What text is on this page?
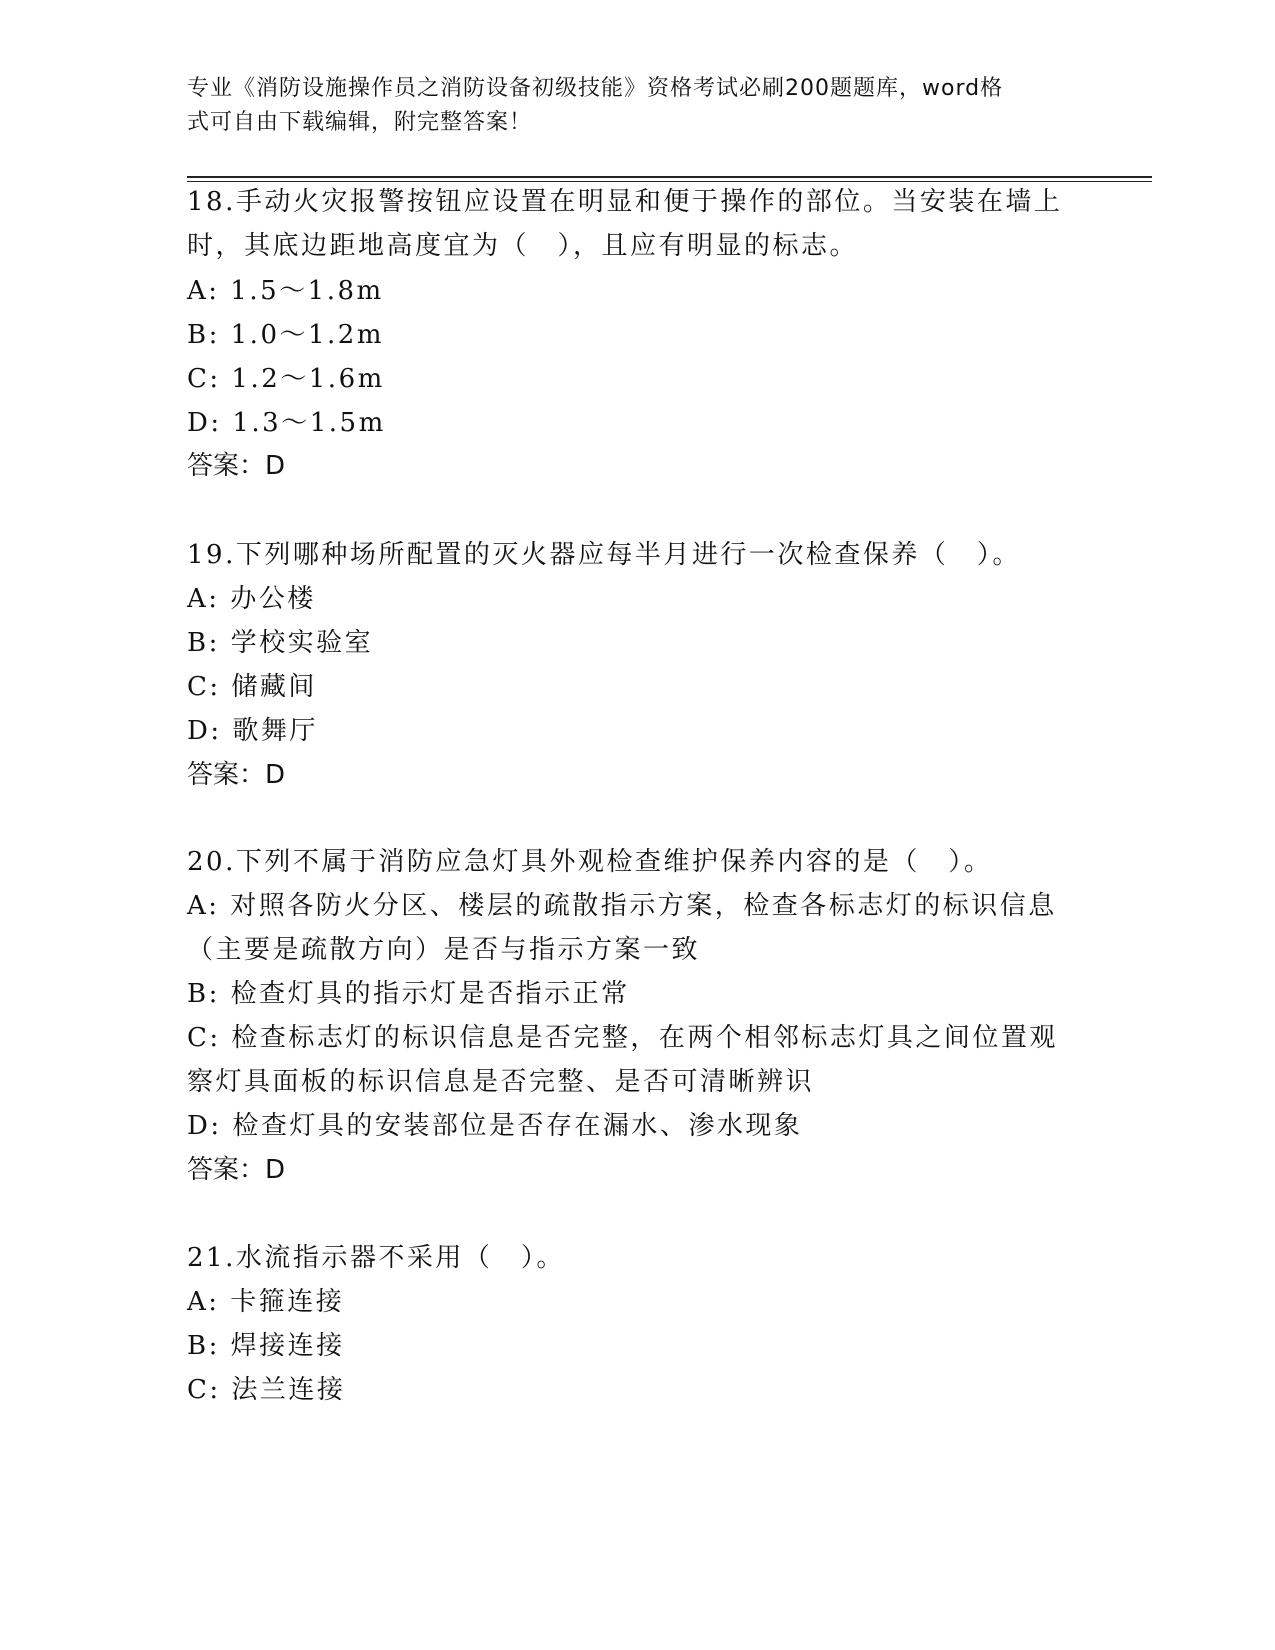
专业《消防设施操作员之消防设备初级技能》资格考试必刷200题题库，word格
式可自由下载编辑，附完整答案！
18.手动火灾报警按钮应设置在明显和便于操作的部位。当安装在墙上
时，其底边距地高度宜为（　），且应有明显的标志。
A: 1.5～1.8m
B: 1.0～1.2m
C: 1.2～1.6m
D: 1.3～1.5m
答案：D
19.下列哪种场所配置的灭火器应每半月进行一次检查保养（　）。
A: 办公楼
B: 学校实验室
C: 储藏间
D: 歌舞厅
答案：D
20.下列不属于消防应急灯具外观检查维护保养内容的是（　）。
A: 对照各防火分区、楼层的疏散指示方案，检查各标志灯的标识信息
（主要是疏散方向）是否与指示方案一致
B: 检查灯具的指示灯是否指示正常
C: 检查标志灯的标识信息是否完整，在两个相邻标志灯具之间位置观
察灯具面板的标识信息是否完整、是否可清晰辨识
D: 检查灯具的安装部位是否存在漏水、渗水现象
答案：D
21.水流指示器不采用（　）。
A: 卡箍连接
B: 焊接连接
C: 法兰连接
